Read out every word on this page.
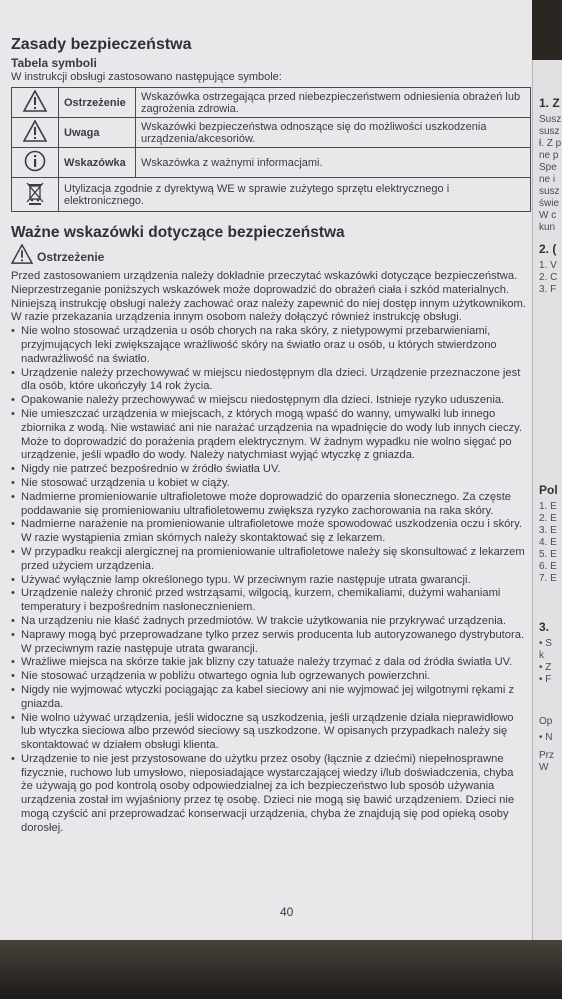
Zasady bezpieczeństwa
Tabela symboli
W instrukcji obsługi zastosowano następujące symbole:
	Ostrzeżenie	Wskazówka ostrzegająca przed niebezpieczeństwem odniesienia obrażeń lub zagrożenia zdrowia.
	Uwaga	Wskazówki bezpieczeństwa odnoszące się do możliwości uszkodzenia urządzenia/akcesoriów.
	Wskazówka	Wskazówka z ważnymi informacjami.
	Utylizacja zgodnie z dyrektywą WE w sprawie zużytego sprzętu elektrycznego i elektronicznego.	
Ważne wskazówki dotyczące bezpieczeństwa
Ostrzeżenie

Przed zastosowaniem urządzenia należy dokładnie przeczytać wskazówki dotyczące bezpieczeństwa. Nieprzestrzeganie poniższych wskazówek może doprowadzić do obrażeń ciała i szkód materialnych. Niniejszą instrukcję obsługi należy zachować oraz należy zapewnić do niej dostęp innym użytkownikom. W razie przekazania urządzenia innym osobom należy dołączyć również instrukcję obsługi.

• Nie wolno stosować urządzenia u osób chorych na raka skóry, z nietypowymi przebarwieniami, przyjmujących leki zwiększające wrażliwość skóry na światło oraz u osób, u których stwierdzono nadwrażliwość na światło.
• Urządzenie należy przechowywać w miejscu niedostępnym dla dzieci. Urządzenie przeznaczone jest dla osób, które ukończyły 14 rok życia.
• Opakowanie należy przechowywać w miejscu niedostępnym dla dzieci. Istnieje ryzyko uduszenia.
• Nie umieszczać urządzenia w miejscach, z których mogą wpaść do wanny, umywalki lub innego zbiornika z wodą. Nie wstawiać ani nie narażać urządzenia na wpadnięcie do wody lub innych cieczy. Może to doprowadzić do porażenia prądem elektrycznym. W żadnym wypadku nie wolno sięgać po urządzenie, jeśli wpadło do wody. Należy natychmiast wyjąć wtyczkę z gniazda.
• Nigdy nie patrzeć bezpośrednio w źródło światła UV.
• Nie stosować urządzenia u kobiet w ciąży.
• Nadmierne promieniowanie ultrafioletowe może doprowadzić do oparzenia słonecznego. Za częste poddawanie się promieniowaniu ultrafioletowemu zwiększa ryzyko zachorowania na raka skóry.
• Nadmierne narażenie na promieniowanie ultrafioletowe może spowodować uszkodzenia oczu i skóry. W razie wystąpienia zmian skórnych należy skontaktować się z lekarzem.
• W przypadku reakcji alergicznej na promieniowanie ultrafioletowe należy się skonsultować z lekarzem przed użyciem urządzenia.
• Używać wyłącznie lamp określonego typu. W przeciwnym razie następuje utrata gwarancji.
• Urządzenie należy chronić przed wstrząsami, wilgocią, kurzem, chemikaliami, dużymi wahaniami temperatury i bezpośrednim nasłonecznieniem.
• Na urządzeniu nie kłaść żadnych przedmiotów. W trakcie użytkowania nie przykrywać urządzenia.
• Naprawy mogą być przeprowadzane tylko przez serwis producenta lub autoryzowanego dystrybutora. W przeciwnym razie następuje utrata gwarancji.
• Wrażliwe miejsca na skórze takie jak blizny czy tatuaże należy trzymać z dala od źródła światła UV.
• Nie stosować urządzenia w pobliżu otwartego ognia lub ogrzewanych powierzchni.
• Nigdy nie wyjmować wtyczki pociągając za kabel sieciowy ani nie wyjmować jej wilgotnymi rękami z gniazda.
• Nie wolno używać urządzenia, jeśli widoczne są uszkodzenia, jeśli urządzenie działa nieprawidłowo lub wtyczka sieciowa albo przewód sieciowy są uszkodzone. W opisanych przypadkach należy się skontaktować w działem obsługi klienta.
• Urządzenie to nie jest przystosowane do użytku przez osoby (łącznie z dziećmi) niepełnosprawne fizycznie, ruchowo lub umysłowo, nieposiadające wystarczającej wiedzy i/lub doświadczenia, chyba że używają go pod kontrolą osoby odpowiedzialnej za ich bezpieczeństwo lub sposób używania urządzenia został im wyjaśniony przez tę osobę. Dzieci nie mogą się bawić urządzeniem. Dzieci nie mogą czyścić ani przeprowadzać konserwacji urządzenia, chyba że znajdują się pod opieką osoby dorosłej.
40
1. Z
Susz
susz
ł. Z p
ne p
Spe
ne i
susz
świe
W c
kun
2. (
1. V
2. C
3. F
Pol
1. E
2. E
3. E
4. E
5. E
6. E
7. E
3.
• S
k
• Z
• F
Op
• N
Prz
W
